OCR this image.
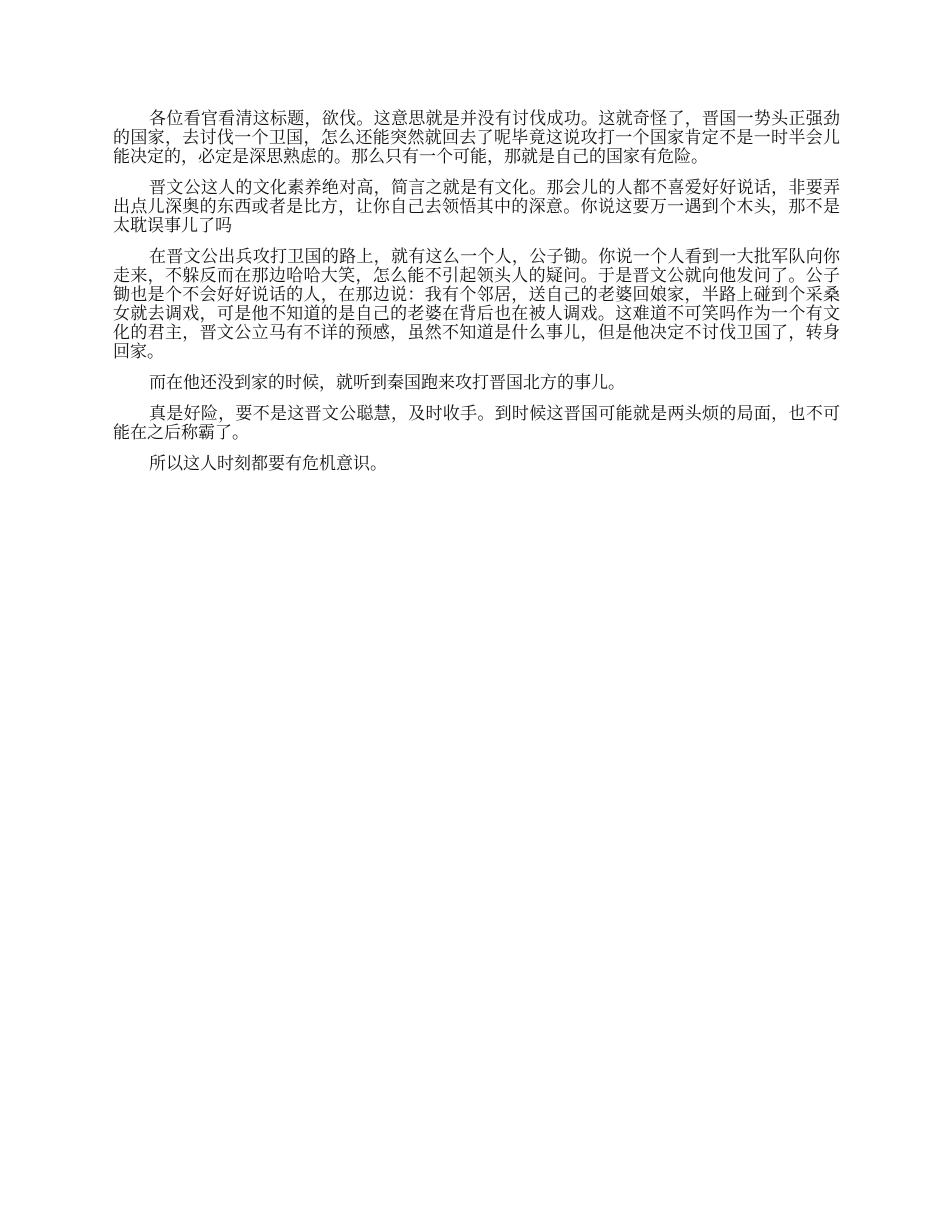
各位看官看清这标题，欲伐。这意思就是并没有讨伐成功。这就奇怪了，晋国一势头正强劲的国家，去讨伐一个卫国，怎么还能突然就回去了呢毕竟这说攻打一个国家肯定不是一时半会儿能决定的，必定是深思熟虑的。那么只有一个可能，那就是自己的国家有危险。

晋文公这人的文化素养绝对高，简言之就是有文化。那会儿的人都不喜爱好好说话，非要弄出点儿深奥的东西或者是比方，让你自己去领悟其中的深意。你说这要万一遇到个木头，那不是太耽误事儿了吗

在晋文公出兵攻打卫国的路上，就有这么一个人，公子锄。你说一个人看到一大批军队向你走来，不躲反而在那边哈哈大笑，怎么能不引起领头人的疑问。于是晋文公就向他发问了。公子锄也是个不会好好说话的人，在那边说：我有个邻居，送自己的老婆回娘家，半路上碰到个采桑女就去调戏，可是他不知道的是自己的老婆在背后也在被人调戏。这难道不可笑吗作为一个有文化的君主，晋文公立马有不详的预感，虽然不知道是什么事儿，但是他决定不讨伐卫国了，转身回家。

而在他还没到家的时候，就听到秦国跑来攻打晋国北方的事儿。

真是好险，要不是这晋文公聪慧，及时收手。到时候这晋国可能就是两头烦的局面，也不可能在之后称霸了。

所以这人时刻都要有危机意识。
